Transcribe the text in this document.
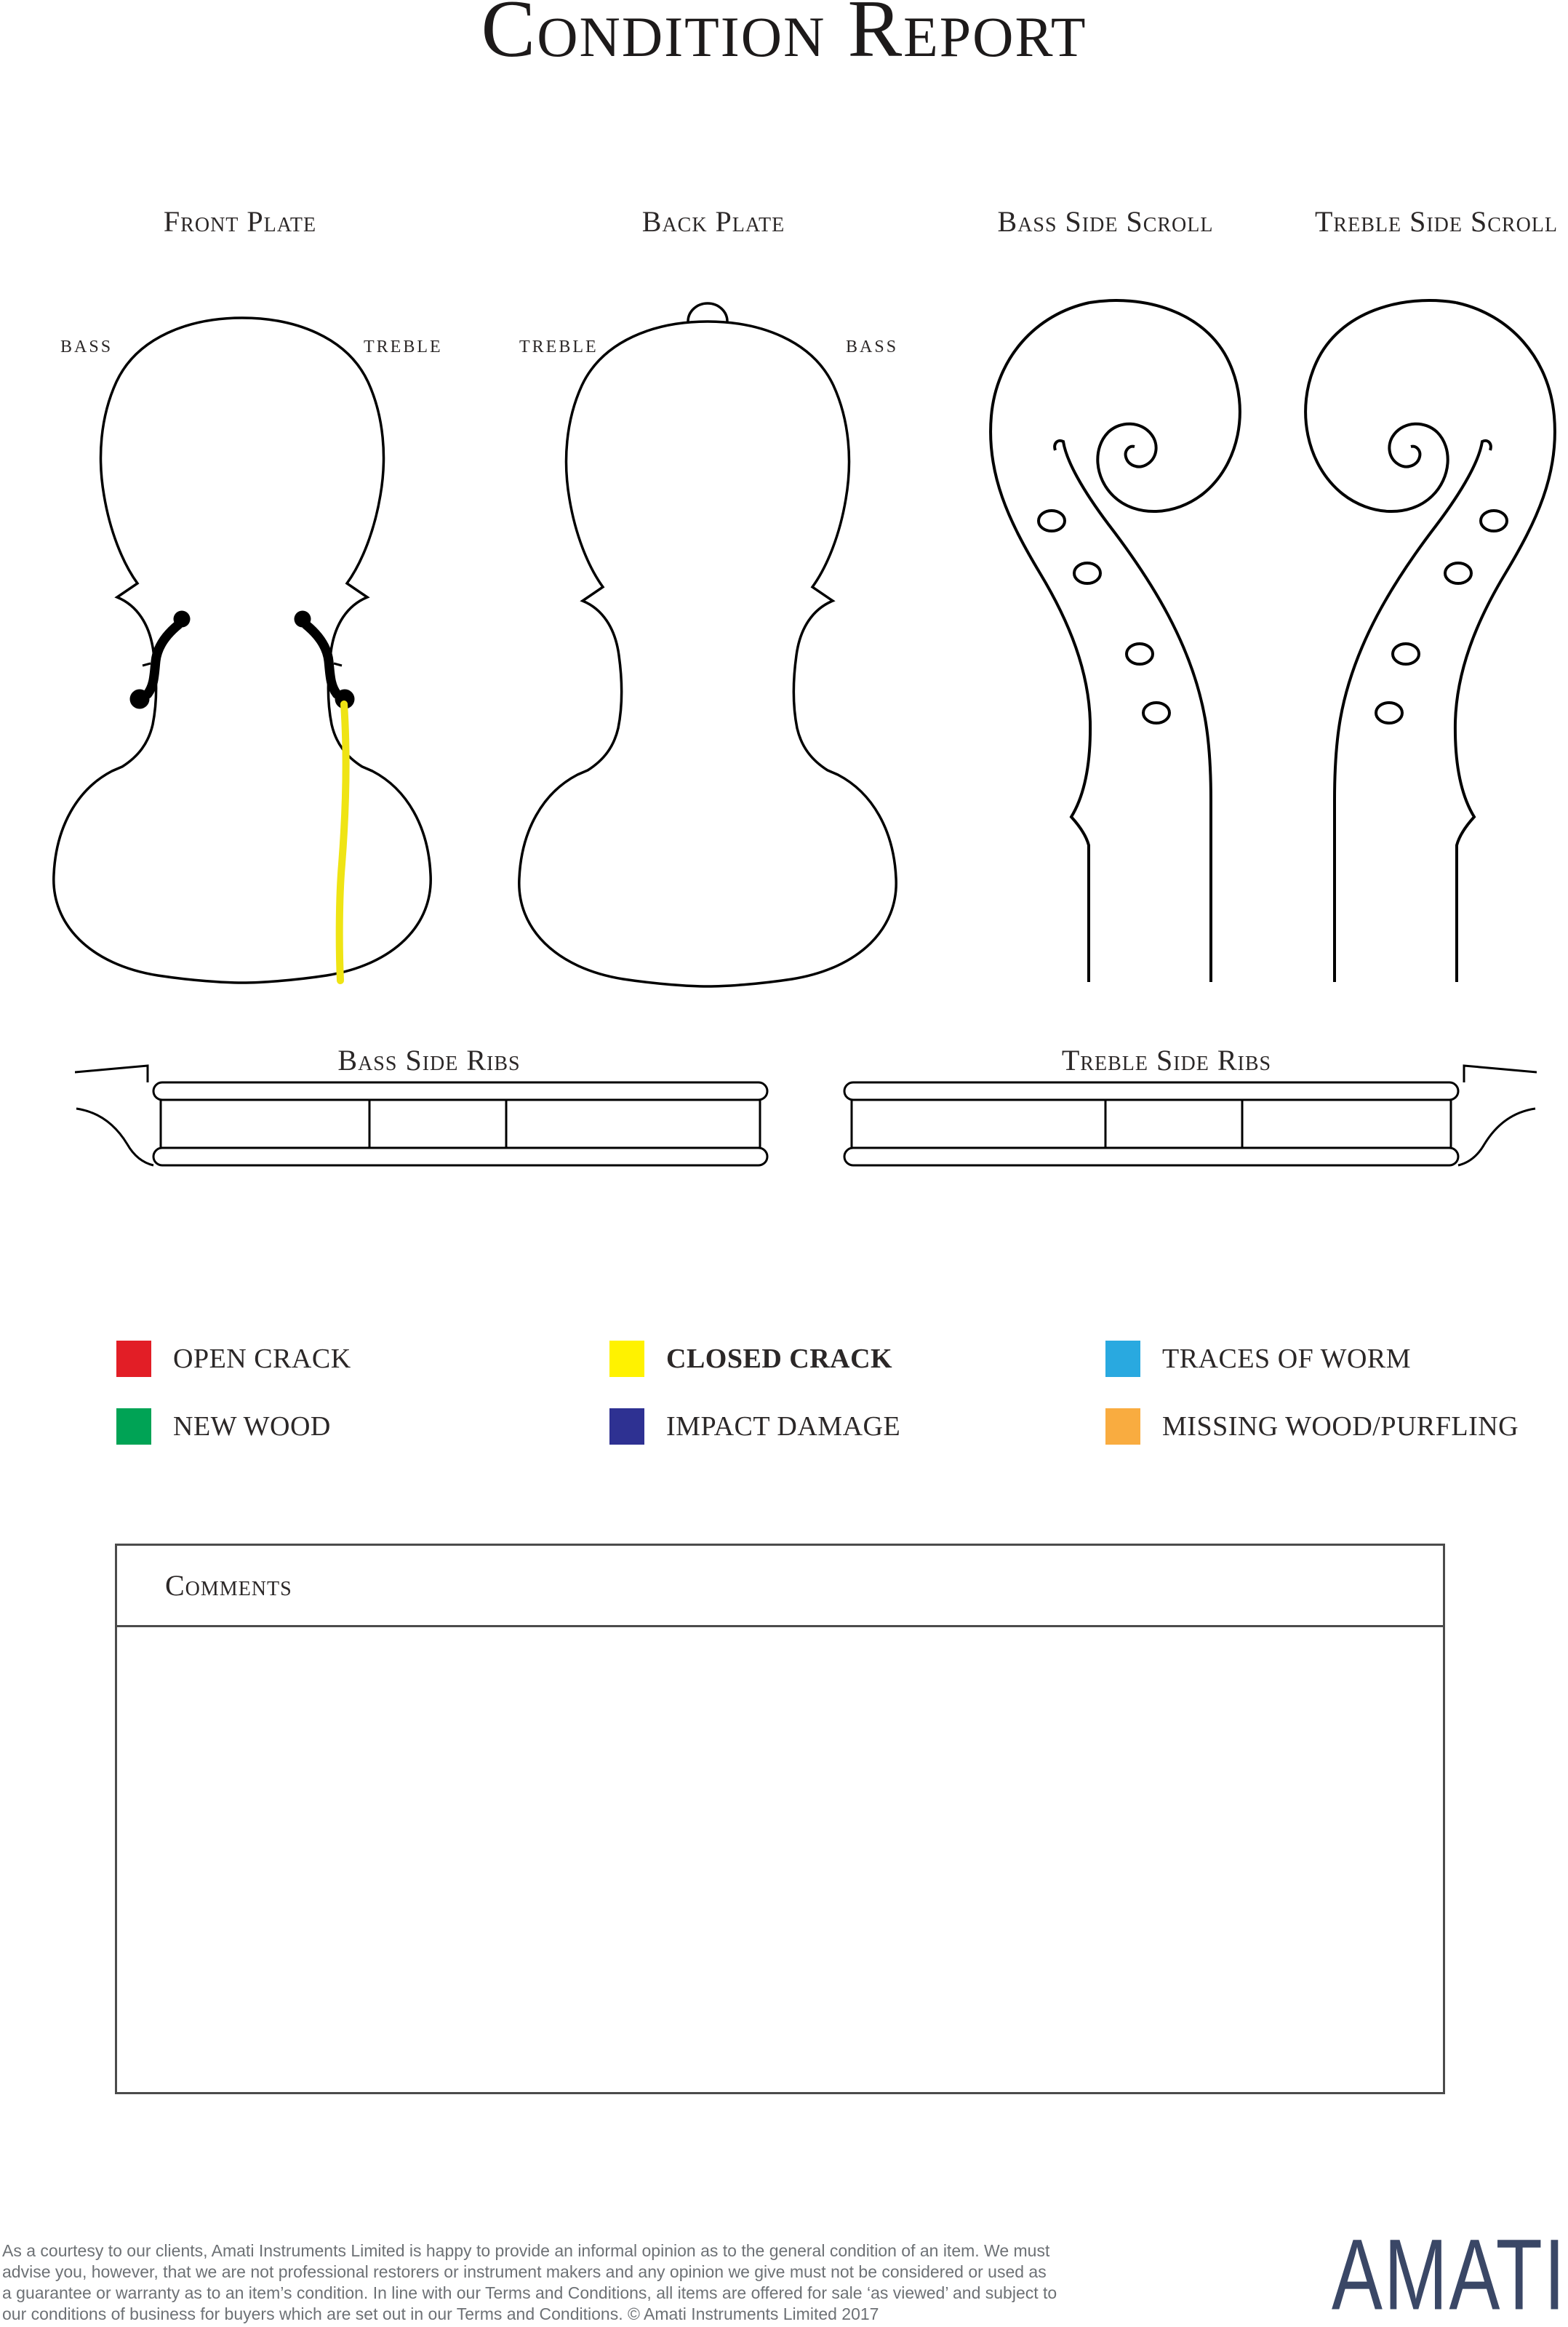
Condition Report
Front Plate	Back Plate	Bass Side Scroll	Treble Side Scroll
BASS	TREBLE	TREBLE	BASS
Bass Side Ribs	Treble Side Ribs
OPEN CRACK	CLOSED CRACK	TRACES OF WORM
NEW WOOD	IMPACT DAMAGE	MISSING WOOD/PURFLING
Comments
As a courtesy to our clients, Amati Instruments Limited is happy to provide an informal opinion as to the general condition of an item. We must
advise you, however, that we are not professional restorers or instrument makers and any opinion we give must not be considered or used as
a guarantee or warranty as to an item’s condition. In line with our Terms and Conditions, all items are offered for sale ‘as viewed’ and subject to
our conditions of business for buyers which are set out in our Terms and Conditions. © Amati Instruments Limited 2017	AMATI
